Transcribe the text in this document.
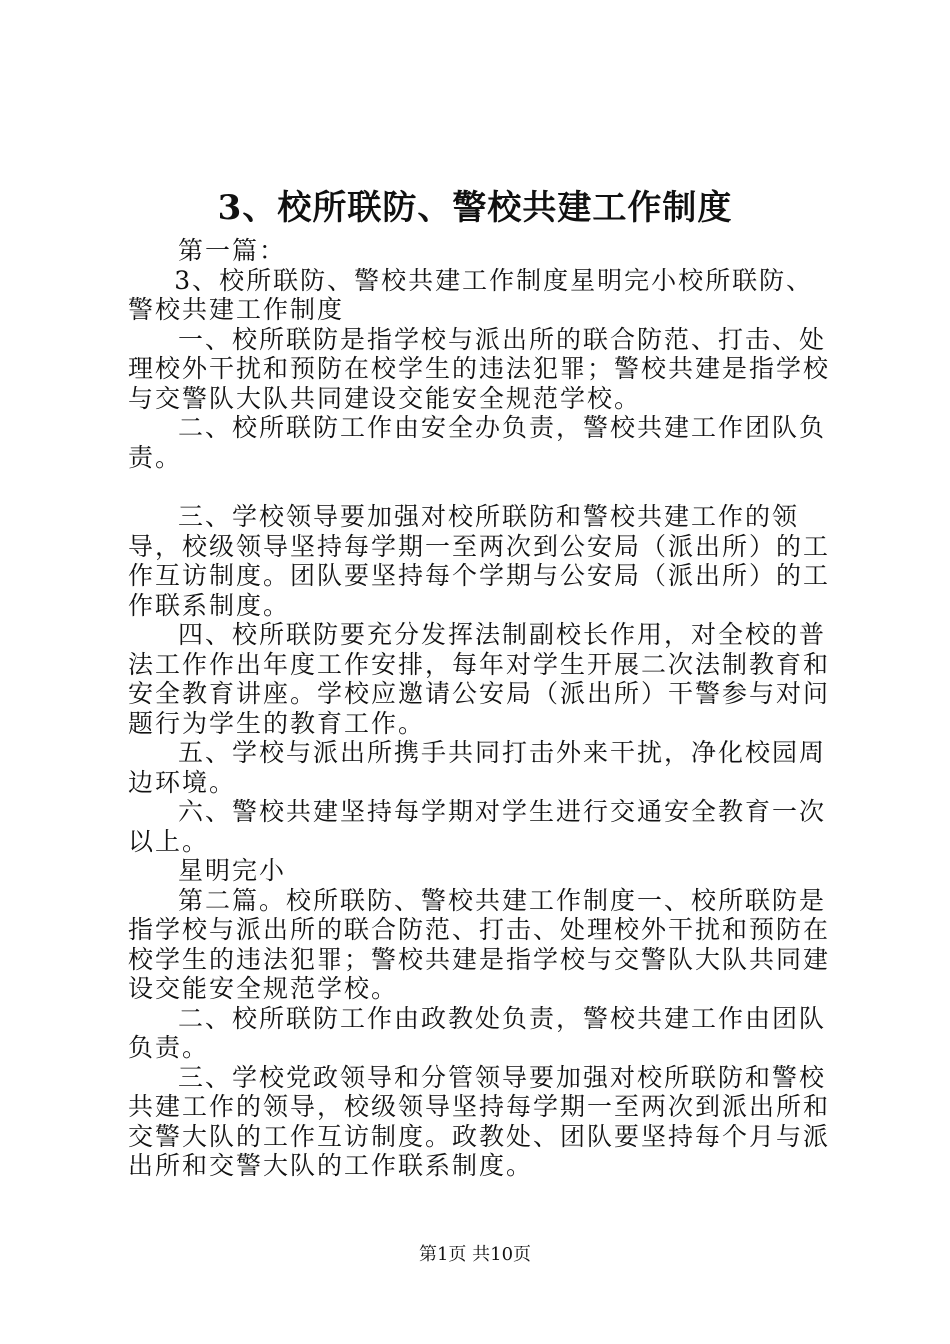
3、校所联防、警校共建工作制度

第一篇：

3、校所联防、警校共建工作制度星明完小校所联防、警校共建工作制度

一、校所联防是指学校与派出所的联合防范、打击、处理校外干扰和预防在校学生的违法犯罪；警校共建是指学校与交警队大队共同建设交能安全规范学校。

二、校所联防工作由安全办负责，警校共建工作团队负责。

三、学校领导要加强对校所联防和警校共建工作的领导，校级领导坚持每学期一至两次到公安局（派出所）的工作互访制度。团队要坚持每个学期与公安局（派出所）的工作联系制度。

四、校所联防要充分发挥法制副校长作用，对全校的普法工作作出年度工作安排，每年对学生开展二次法制教育和安全教育讲座。学校应邀请公安局（派出所）干警参与对问题行为学生的教育工作。

五、学校与派出所携手共同打击外来干扰，净化校园周边环境。

六、警校共建坚持每学期对学生进行交通安全教育一次以上。

星明完小

第二篇。校所联防、警校共建工作制度一、校所联防是指学校与派出所的联合防范、打击、处理校外干扰和预防在校学生的违法犯罪；警校共建是指学校与交警队大队共同建设交能安全规范学校。

二、校所联防工作由政教处负责，警校共建工作由团队负责。

三、学校党政领导和分管领导要加强对校所联防和警校共建工作的领导，校级领导坚持每学期一至两次到派出所和交警大队的工作互访制度。政教处、团队要坚持每个月与派出所和交警大队的工作联系制度。

第1页 共10页
